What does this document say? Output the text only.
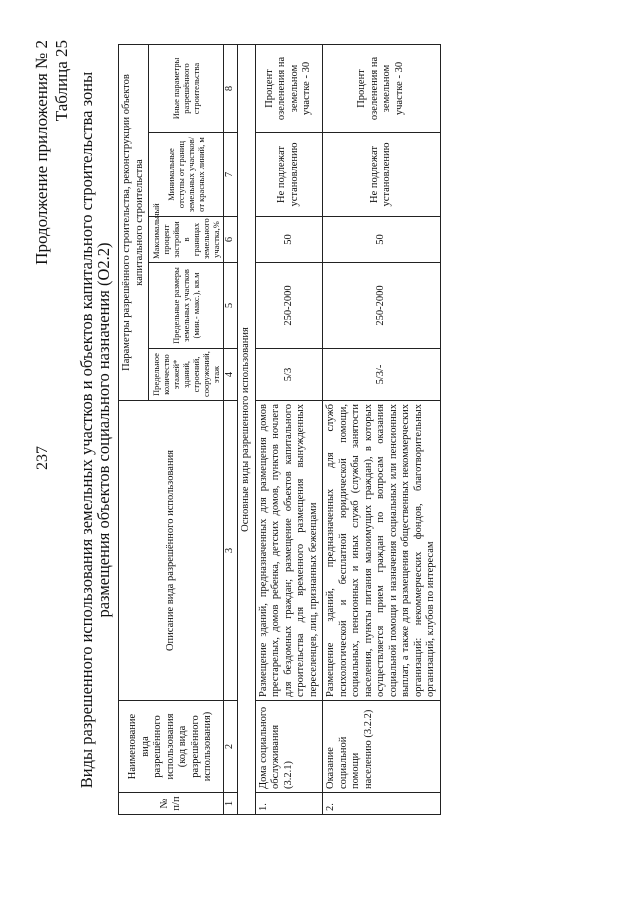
237
Продолжение приложения № 2 Таблица 25 Виды разрешенного использования земельных участков и объектов капитального строительства зоны размещения объектов социального назначения (О2.2)
№ п/п	Наименование вида разрешённого использования (код вида разрешённого использования)	Описание вида разрешённого использования	Параметры разрешённого строительства, реконструкции объектов капитального строительства				
			Предельное количество этажей* зданий, строений, сооружений, этаж	Предельные размеры земельных участков (мин.- макс.), кв.м	Максимальный процент застройки в границах земельного участка,%	Минимальные отступы от границ земельных участков/ от красных линий, м	Иные параметры разрешённого строительства
1	2	3	4	5	6	7	8
Основные виды разрешенного использования							
1.	Дома социального обслуживания (3.2.1)	Размещение зданий, предназначенных для размещения домов престарелых, домов ребенка, детских домов, пунктов ночлега для бездомных граждан; размещение объектов капитального строительства для временного размещения вынужденных переселенцев, лиц, признанных беженцами	5/3	250-2000	50	Не подлежат установлению	Процент озеленения на земельном участке - 30
2.	Оказание социальной помощи населению (3.2.2)	Размещение зданий, предназначенных для служб психологической и бесплатной юридической помощи, социальных, пенсионных и иных служб (службы занятости населения, пункты питания малоимущих граждан), в которых осуществляется прием граждан по вопросам оказания социальной помощи и назначения социальных или пенсионных выплат, а также для размещения общественных некоммерческих организаций: некоммерческих фондов, благотворительных организаций, клубов по интересам	5/3/-	250-2000	50	Не подлежат установлению	Процент озеленения на земельном участке - 30
